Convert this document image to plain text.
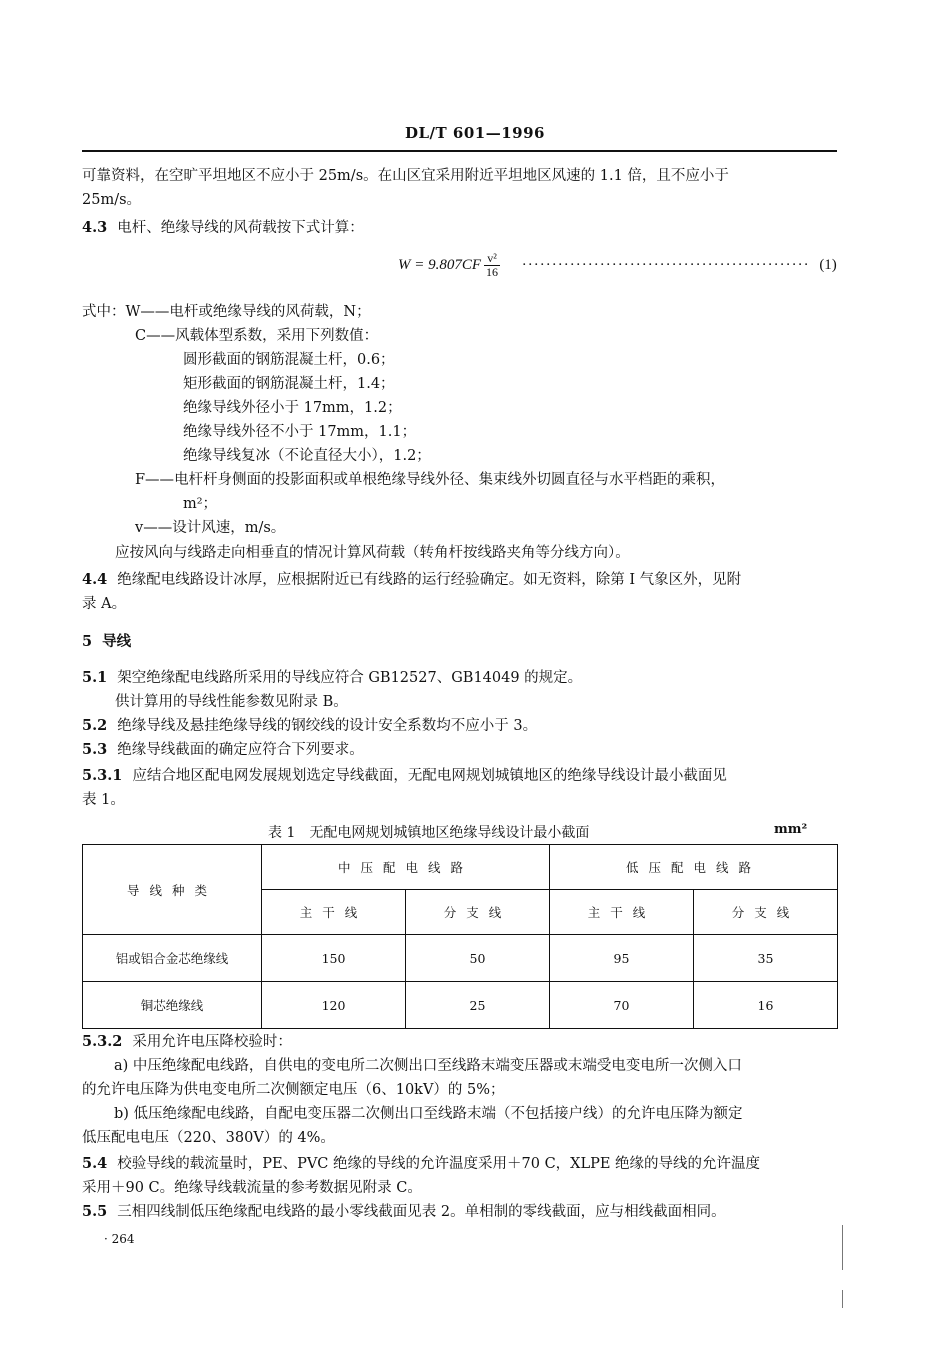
DL/T 601—1996
可靠资料，在空旷平坦地区不应小于 25m/s。在山区宜采用附近平坦地区风速的 1.1 倍，且不应小于
25m/s。
4.3 电杆、绝缘导线的风荷载按下式计算：
$W = 9.807CF \frac{\text{v²}}{16}$ ················································ (1)
式中：W——电杆或绝缘导线的风荷载，N；
C——风载体型系数，采用下列数值：
圆形截面的钢筋混凝土杆，0.6；
矩形截面的钢筋混凝土杆，1.4；
绝缘导线外径小于 17mm，1.2；
绝缘导线外径不小于 17mm，1.1；
绝缘导线复冰（不论直径大小），1.2；
F——电杆杆身侧面的投影面积或单根绝缘导线外径、集束线外切圆直径与水平档距的乘积，
m²；
v——设计风速，m/s。
应按风向与线路走向相垂直的情况计算风荷载（转角杆按线路夹角等分线方向）。
4.4 绝缘配电线路设计冰厚，应根据附近已有线路的运行经验确定。如无资料，除第 I 气象区外，见附
录 A。
5 导线
5.1 架空绝缘配电线路所采用的导线应符合 GB12527、GB14049 的规定。
供计算用的导线性能参数见附录 B。
5.2 绝缘导线及悬挂绝缘导线的钢绞线的设计安全系数均不应小于 3。
5.3 绝缘导线截面的确定应符合下列要求。
5.3.1 应结合地区配电网发展规划选定导线截面，无配电网规划城镇地区的绝缘导线设计最小截面见
表 1。
表 1　无配电网规划城镇地区绝缘导线设计最小截面	mm²
导线种类	中压配电线路		低压配电线路	
	主干线	分支线	主干线	分支线
铝或铝合金芯绝缘线	150	50	95	35
铜芯绝缘线	120	25	70	16
5.3.2 采用允许电压降校验时：
a) 中压绝缘配电线路，自供电的变电所二次侧出口至线路末端变压器或末端受电变电所一次侧入口
的允许电压降为供电变电所二次侧额定电压（6、10kV）的 5%；
b) 低压绝缘配电线路，自配电变压器二次侧出口至线路末端（不包括接户线）的允许电压降为额定
低压配电电压（220、380V）的 4%。
5.4 校验导线的载流量时，PE、PVC 绝缘的导线的允许温度采用＋70 C，XLPE 绝缘的导线的允许温度
采用＋90 C。绝缘导线载流量的参考数据见附录 C。
5.5 三相四线制低压绝缘配电线路的最小零线截面见表 2。单相制的零线截面，应与相线截面相同。
· 264
